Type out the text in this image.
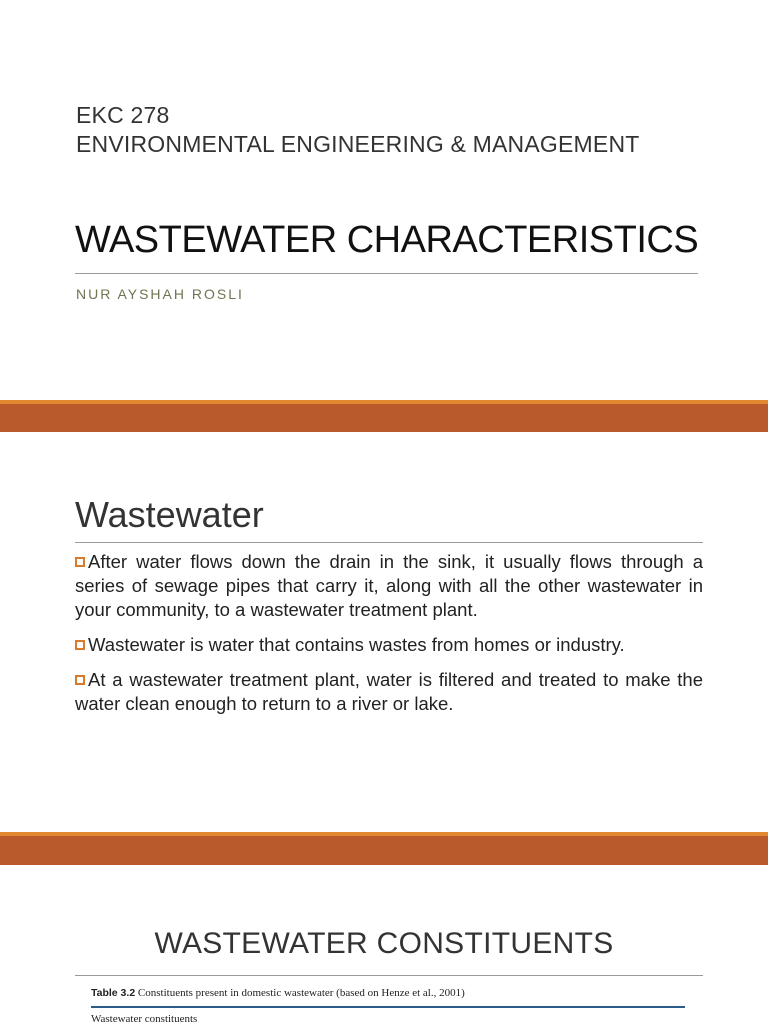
EKC 278
ENVIRONMENTAL ENGINEERING & MANAGEMENT
WASTEWATER CHARACTERISTICS
NUR AYSHAH ROSLI
Wastewater
After water flows down the drain in the sink, it usually flows through a series of sewage pipes that carry it, along with all the other wastewater in your community, to a wastewater treatment plant.
Wastewater is water that contains wastes from homes or industry.
At a wastewater treatment plant, water is filtered and treated to make the water clean enough to return to a river or lake.
WASTEWATER CONSTITUENTS
Table 3.2 Constituents present in domestic wastewater (based on Henze et al., 2001)
Wastewater constituents
